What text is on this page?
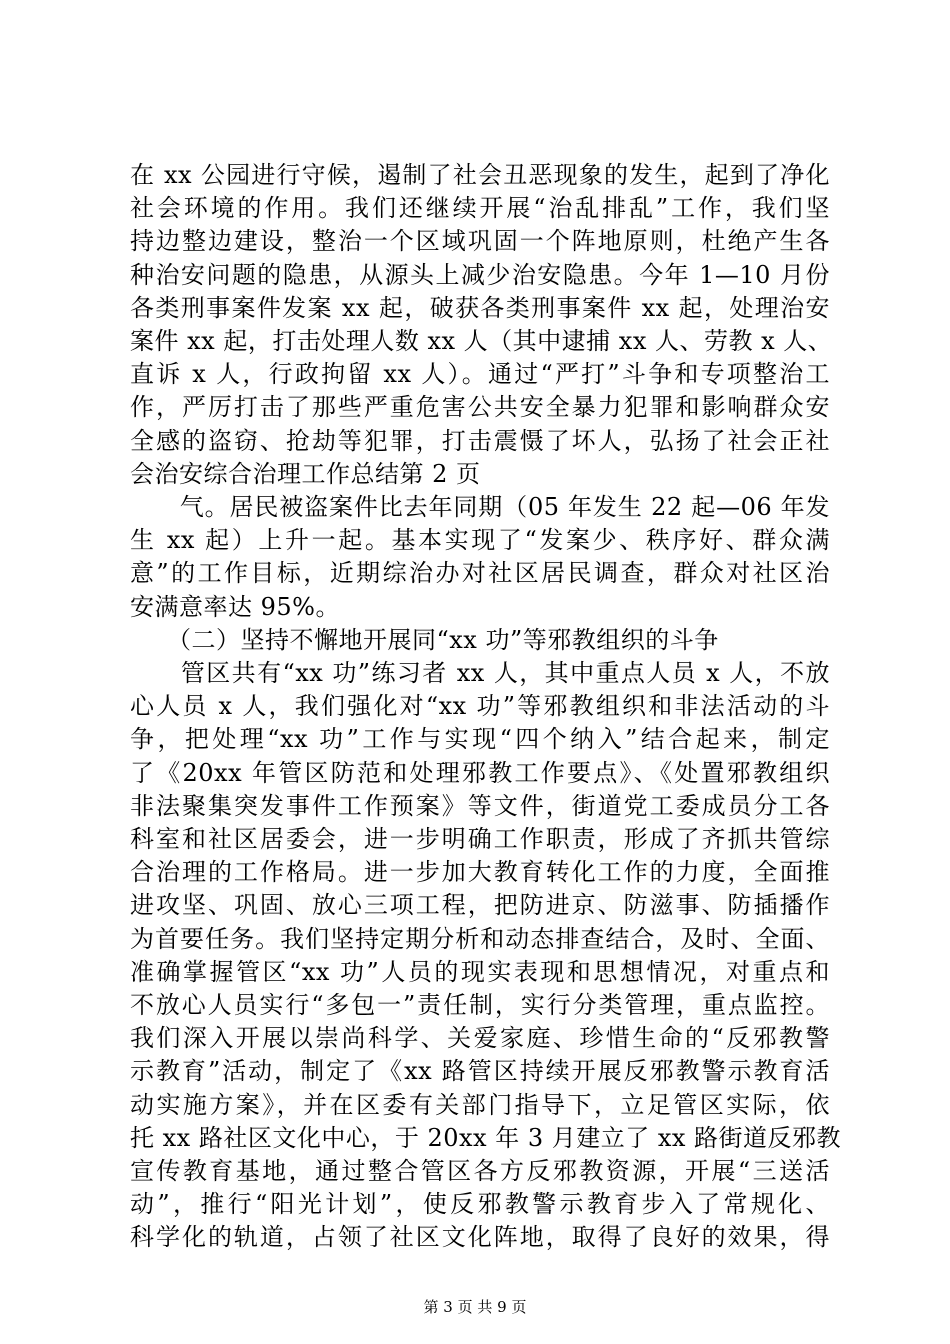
第 3 页 共 9 页
在 xx 公园进行守候，遏制了社会丑恶现象的发生，起到了净化
社会环境的作用。我们还继续开展“治乱排乱”工作，我们坚
持边整边建设，整治一个区域巩固一个阵地原则，杜绝产生各
种治安问题的隐患，从源头上减少治安隐患。今年 1—10 月份
各类刑事案件发案 xx 起，破获各类刑事案件 xx 起，处理治安
案件 xx 起，打击处理人数 xx 人（其中逮捕 xx 人、劳教 x 人、
直诉 x 人，行政拘留 xx 人）。通过“严打”斗争和专项整治工
作，严厉打击了那些严重危害公共安全暴力犯罪和影响群众安
全感的盗窃、抢劫等犯罪，打击震慑了坏人，弘扬了社会正社
会治安综合治理工作总结第 2 页
　　气。居民被盗案件比去年同期（05 年发生 22 起—06 年发
生 xx 起）上升一起。基本实现了“发案少、秩序好、群众满
意”的工作目标，近期综治办对社区居民调查，群众对社区治
安满意率达 95%。
　　（二）坚持不懈地开展同“xx 功”等邪教组织的斗争
　　管区共有“xx 功”练习者 xx 人，其中重点人员 x 人，不放
心人员 x 人，我们强化对“xx 功”等邪教组织和非法活动的斗
争，把处理“xx 功”工作与实现“四个纳入”结合起来，制定
了《20xx 年管区防范和处理邪教工作要点》、《处置邪教组织
非法聚集突发事件工作预案》等文件，街道党工委成员分工各
科室和社区居委会，进一步明确工作职责，形成了齐抓共管综
合治理的工作格局。进一步加大教育转化工作的力度，全面推
进攻坚、巩固、放心三项工程，把防进京、防滋事、防插播作
为首要任务。我们坚持定期分析和动态排查结合，及时、全面、
准确掌握管区“xx 功”人员的现实表现和思想情况，对重点和
不放心人员实行“多包一”责任制，实行分类管理，重点监控。
我们深入开展以崇尚科学、关爱家庭、珍惜生命的“反邪教警
示教育”活动，制定了《xx 路管区持续开展反邪教警示教育活
动实施方案》，并在区委有关部门指导下，立足管区实际，依
托 xx 路社区文化中心，于 20xx 年 3 月建立了 xx 路街道反邪教
宣传教育基地，通过整合管区各方反邪教资源，开展“三送活
动”，推行“阳光计划”，使反邪教警示教育步入了常规化、
科学化的轨道，占领了社区文化阵地，取得了良好的效果，得
